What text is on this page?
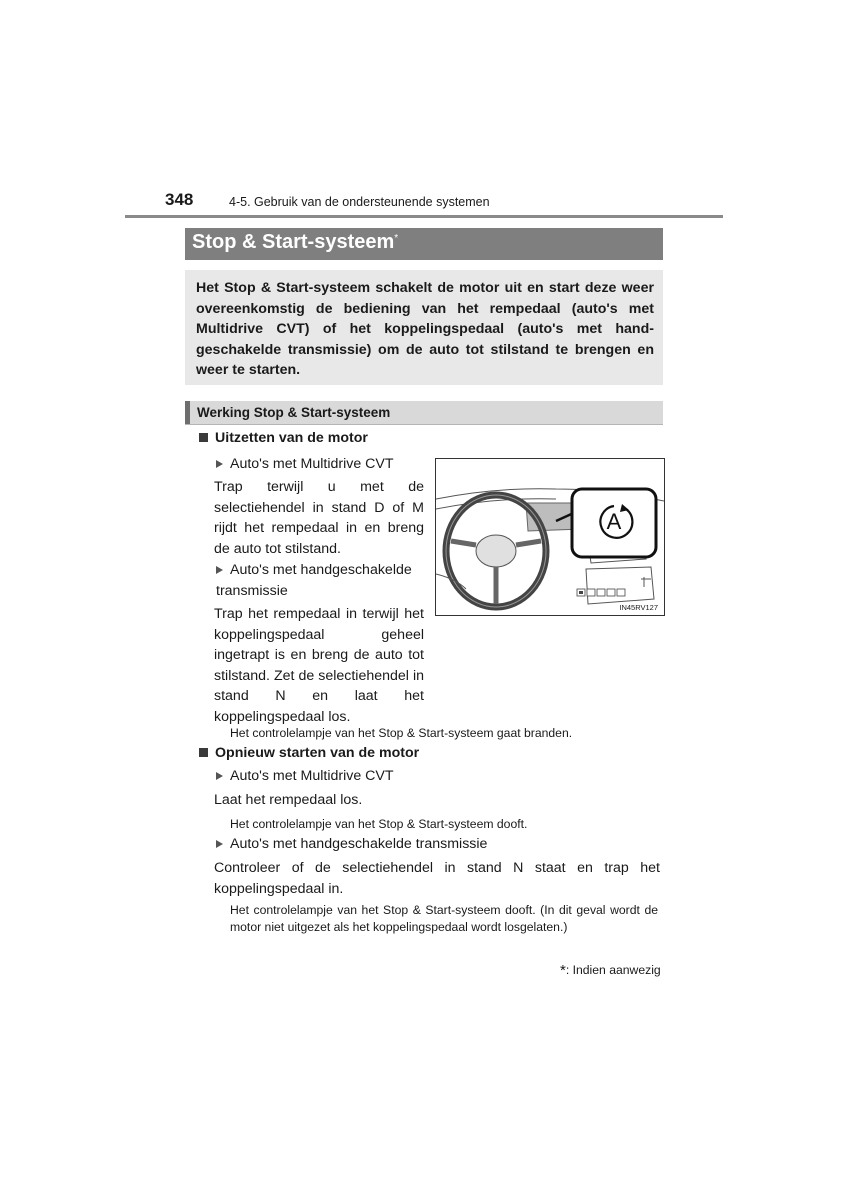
348	4-5. Gebruik van de ondersteunende systemen
Stop & Start-systeem*
Het Stop & Start-systeem schakelt de motor uit en start deze weer overeenkomstig de bediening van het rempedaal (auto's met Multidrive CVT) of het koppelingspedaal (auto's met hand-geschakelde transmissie) om de auto tot stilstand te brengen en weer te starten.
Werking Stop & Start-systeem
Uitzetten van de motor
Auto's met Multidrive CVT
Trap terwijl u met de selectiehendel in stand D of M rijdt het rempedaal in en breng de auto tot stilstand.
Auto's met handgeschakelde transmissie
Trap het rempedaal in terwijl het koppelingspedaal geheel ingetrapt is en breng de auto tot stilstand. Zet de selectiehendel in stand N en laat het koppelingspedaal los.
Het controlelampje van het Stop & Start-systeem gaat branden.
A
IN45RV127
Opnieuw starten van de motor
Auto's met Multidrive CVT
Laat het rempedaal los.
Het controlelampje van het Stop & Start-systeem dooft.
Auto's met handgeschakelde transmissie
Controleer of de selectiehendel in stand N staat en trap het koppelingspedaal in.
Het controlelampje van het Stop & Start-systeem dooft. (In dit geval wordt de motor niet uitgezet als het koppelingspedaal wordt losgelaten.)
*: Indien aanwezig
